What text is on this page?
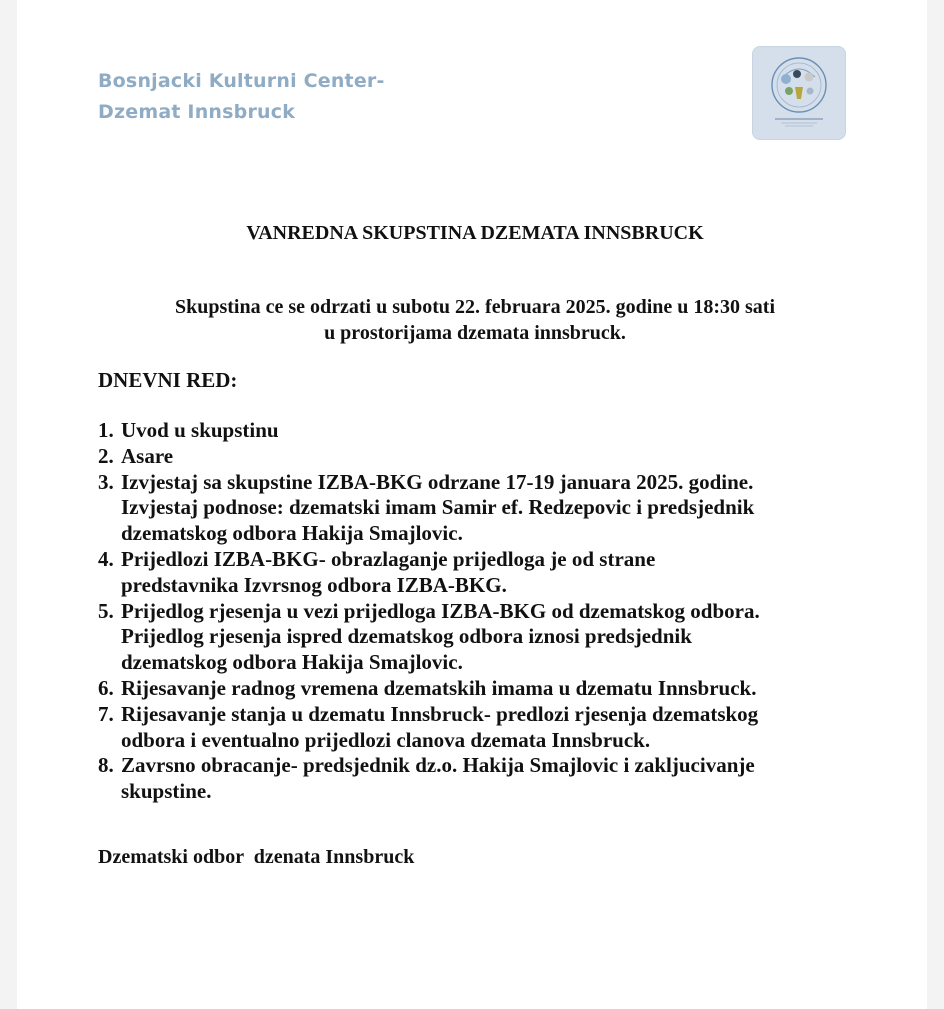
Bosnjacki Kulturni Center-
Dzemat Innsbruck
VANREDNA SKUPSTINA DZEMATA INNSBRUCK
Skupstina ce se odrzati u subotu 22. februara 2025. godine u 18:30 sati
u prostorijama dzemata innsbruck.
DNEVNI RED:
1. Uvod u skupstinu
2. Asare
3. Izvjestaj sa skupstine IZBA-BKG odrzane 17-19 januara 2025. godine.
Izvjestaj podnose: dzematski imam Samir ef. Redzepovic i predsjednik
dzematskog odbora Hakija Smajlovic.
4. Prijedlozi IZBA-BKG- obrazlaganje prijedloga je od strane
predstavnika Izvrsnog odbora IZBA-BKG.
5. Prijedlog rjesenja u vezi prijedloga IZBA-BKG od dzematskog odbora.
Prijedlog rjesenja ispred dzematskog odbora iznosi predsjednik
dzematskog odbora Hakija Smajlovic.
6. Rijesavanje radnog vremena dzematskih imama u dzematu Innsbruck.
7. Rijesavanje stanja u dzematu Innsbruck- predlozi rjesenja dzematskog
odbora i eventualno prijedlozi clanova dzemata Innsbruck.
8. Zavrsno obracanje- predsjednik dz.o. Hakija Smajlovic i zakljucivanje
skupstine.
Dzematski odbor  dzenata Innsbruck
